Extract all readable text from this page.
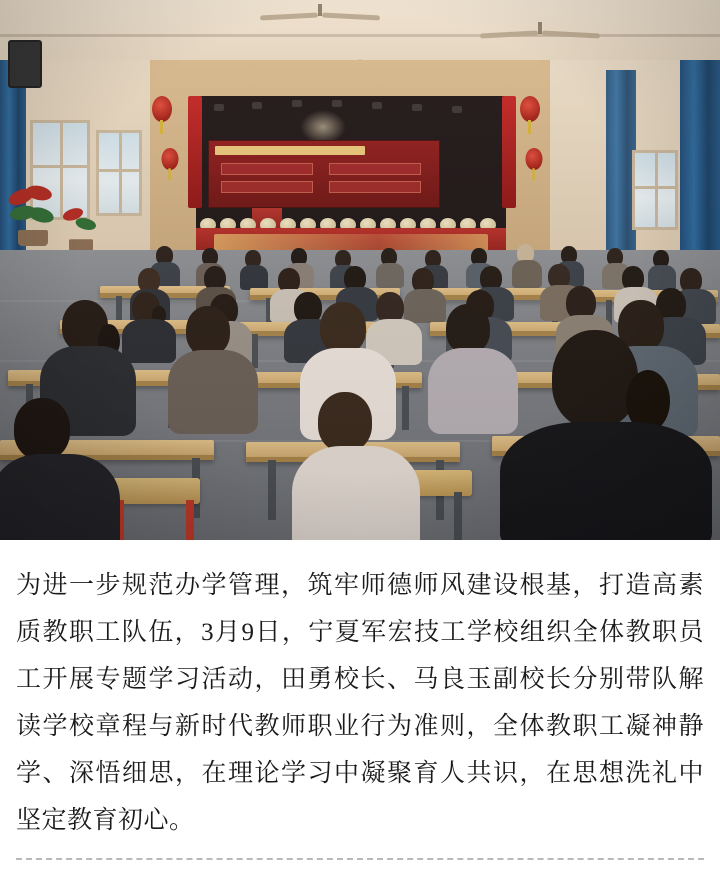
为进一步规范办学管理，筑牢师德师风建设根基，打造高素质教职工队伍，3月9日，宁夏军宏技工学校组织全体教职员工开展专题学习活动，田勇校长、马良玉副校长分别带队解读学校章程与新时代教师职业行为准则，全体教职工凝神静学、深悟细思，在理论学习中凝聚育人共识，在思想洗礼中坚定教育初心。
